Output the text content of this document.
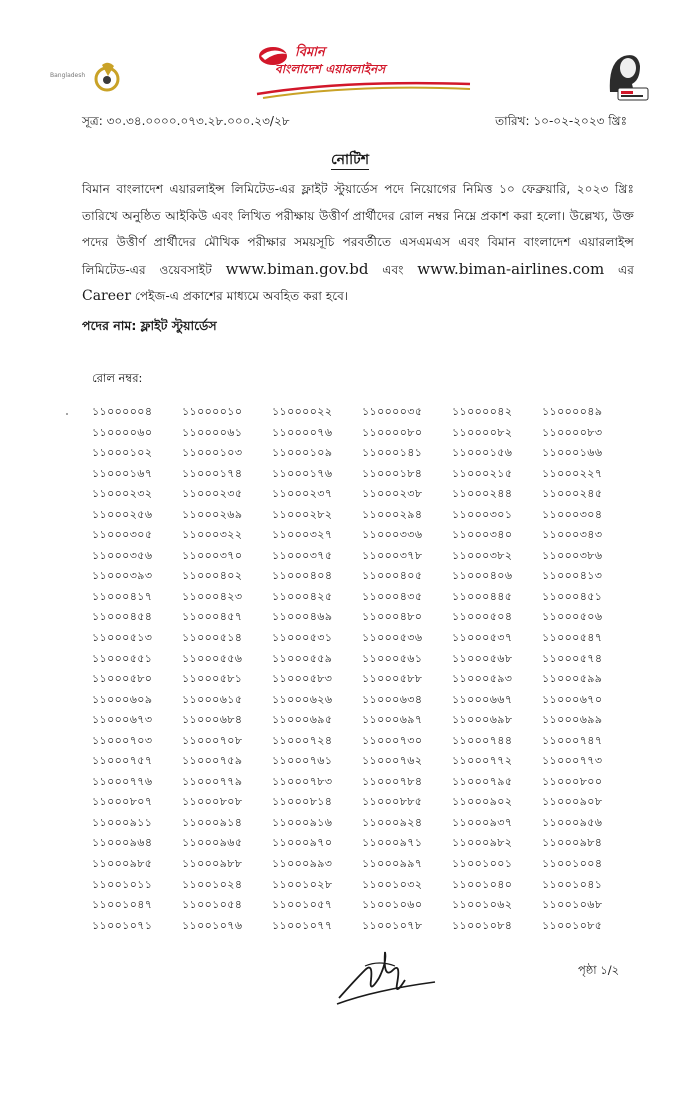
Bangladesh
বিমান
বাংলাদেশ এয়ারলাইনস
সূত্র: ৩০.৩৪.০০০০.০৭৩.২৮.০০০.২৩/২৮	তারিখ: ১০-০২-২০২৩ খ্রিঃ
নোটিশ
বিমান বাংলাদেশ এয়ারলাইন্স লিমিটেড-এর ফ্লাইট স্টুয়ার্ডেস পদে নিয়োগের নিমিত্ত ১০ ফেব্রুয়ারি, ২০২৩ খ্রিঃ তারিখে অনুষ্ঠিত আইকিউ এবং লিখিত পরীক্ষায় উত্তীর্ণ প্রার্থীদের রোল নম্বর নিম্নে প্রকাশ করা হলো। উল্লেখ্য, উক্ত পদের উত্তীর্ণ প্রার্থীদের মৌখিক পরীক্ষার সময়সূচি পরবর্তীতে এসএমএস এবং বিমান বাংলাদেশ এয়ারলাইন্স লিমিটেড-এর ওয়েবসাইট www.biman.gov.bd এবং www.biman-airlines.com এর Career পেইজ-এ প্রকাশের মাধ্যমে অবহিত করা হবে।
পদের নাম: ফ্লাইট স্টুয়ার্ডেস
রোল নম্বর:
১১০০০০০৪	১১০০০০১০	১১০০০০২২	১১০০০০৩৫	১১০০০০৪২	১১০০০০৪৯
১১০০০০৬০	১১০০০০৬১	১১০০০০৭৬	১১০০০০৮০	১১০০০০৮২	১১০০০০৮৩
১১০০০১০২	১১০০০১০৩	১১০০০১০৯	১১০০০১৪১	১১০০০১৫৬	১১০০০১৬৬
১১০০০১৬৭	১১০০০১৭৪	১১০০০১৭৬	১১০০০১৮৪	১১০০০২১৫	১১০০০২২৭
১১০০০২৩২	১১০০০২৩৫	১১০০০২৩৭	১১০০০২৩৮	১১০০০২৪৪	১১০০০২৪৫
১১০০০২৫৬	১১০০০২৬৯	১১০০০২৮২	১১০০০২৯৪	১১০০০৩০১	১১০০০৩০৪
১১০০০৩০৫	১১০০০৩২২	১১০০০৩২৭	১১০০০৩৩৬	১১০০০৩৪০	১১০০০৩৪৩
১১০০০৩৫৬	১১০০০৩৭০	১১০০০৩৭৫	১১০০০৩৭৮	১১০০০৩৮২	১১০০০৩৮৬
১১০০০৩৯৩	১১০০০৪০২	১১০০০৪০৪	১১০০০৪০৫	১১০০০৪০৬	১১০০০৪১৩
১১০০০৪১৭	১১০০০৪২৩	১১০০০৪২৫	১১০০০৪৩৫	১১০০০৪৪৫	১১০০০৪৫১
১১০০০৪৫৪	১১০০০৪৫৭	১১০০০৪৬৯	১১০০০৪৮০	১১০০০৫০৪	১১০০০৫০৬
১১০০০৫১৩	১১০০০৫১৪	১১০০০৫৩১	১১০০০৫৩৬	১১০০০৫৩৭	১১০০০৫৪৭
১১০০০৫৫১	১১০০০৫৫৬	১১০০০৫৫৯	১১০০০৫৬১	১১০০০৫৬৮	১১০০০৫৭৪
১১০০০৫৮০	১১০০০৫৮১	১১০০০৫৮৩	১১০০০৫৮৮	১১০০০৫৯৩	১১০০০৫৯৯
১১০০০৬০৯	১১০০০৬১৫	১১০০০৬২৬	১১০০০৬৩৪	১১০০০৬৬৭	১১০০০৬৭০
১১০০০৬৭৩	১১০০০৬৮৪	১১০০০৬৯৫	১১০০০৬৯৭	১১০০০৬৯৮	১১০০০৬৯৯
১১০০০৭০৩	১১০০০৭০৮	১১০০০৭২৪	১১০০০৭৩০	১১০০০৭৪৪	১১০০০৭৪৭
১১০০০৭৫৭	১১০০০৭৫৯	১১০০০৭৬১	১১০০০৭৬২	১১০০০৭৭২	১১০০০৭৭৩
১১০০০৭৭৬	১১০০০৭৭৯	১১০০০৭৮৩	১১০০০৭৮৪	১১০০০৭৯৫	১১০০০৮০০
১১০০০৮০৭	১১০০০৮০৮	১১০০০৮১৪	১১০০০৮৮৫	১১০০০৯০২	১১০০০৯০৮
১১০০০৯১১	১১০০০৯১৪	১১০০০৯১৬	১১০০০৯২৪	১১০০০৯৩৭	১১০০০৯৫৬
১১০০০৯৬৪	১১০০০৯৬৫	১১০০০৯৭০	১১০০০৯৭১	১১০০০৯৮২	১১০০০৯৮৪
১১০০০৯৮৫	১১০০০৯৮৮	১১০০০৯৯৩	১১০০০৯৯৭	১১০০১০০১	১১০০১০০৪
১১০০১০১১	১১০০১০২৪	১১০০১০২৮	১১০০১০৩২	১১০০১০৪০	১১০০১০৪১
১১০০১০৪৭	১১০০১০৫৪	১১০০১০৫৭	১১০০১০৬০	১১০০১০৬২	১১০০১০৬৮
১১০০১০৭১	১১০০১০৭৬	১১০০১০৭৭	১১০০১০৭৮	১১০০১০৮৪	১১০০১০৮৫
পৃষ্ঠা ১/২
